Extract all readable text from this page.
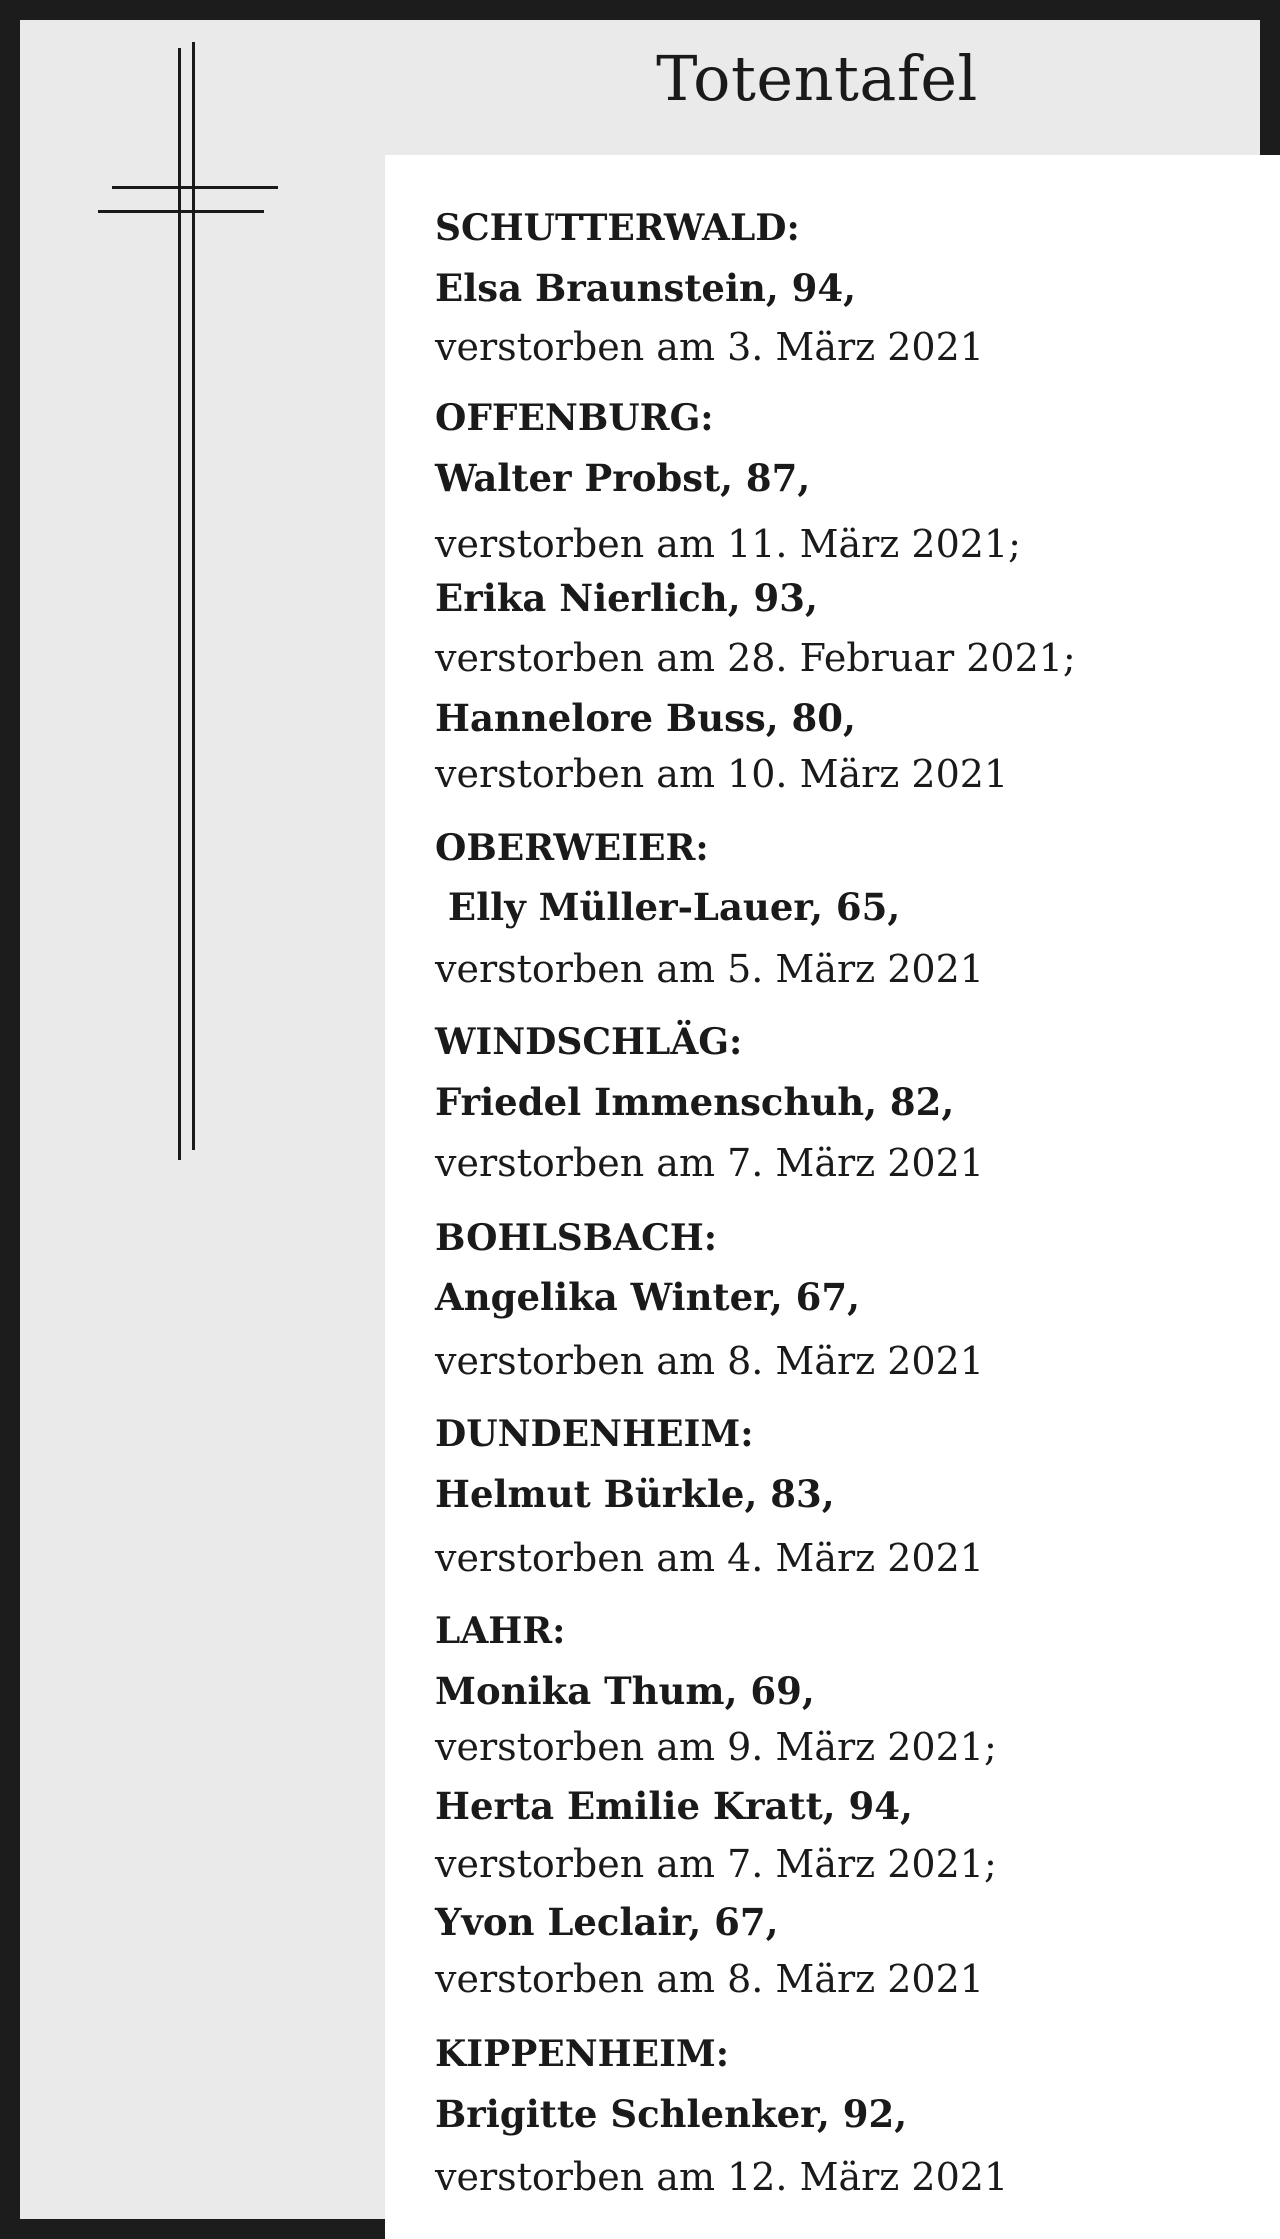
Totentafel
SCHUTTERWALD:
Elsa Braunstein, 94,
verstorben am 3. März 2021
OFFENBURG:
Walter Probst, 87,
verstorben am 11. März 2021;
Erika Nierlich, 93,
verstorben am 28. Februar 2021;
Hannelore Buss, 80,
verstorben am 10. März 2021
OBERWEIER:
Elly Müller-Lauer, 65,
verstorben am 5. März 2021
WINDSCHLÄG:
Friedel Immenschuh, 82,
verstorben am 7. März 2021
BOHLSBACH:
Angelika Winter, 67,
verstorben am 8. März 2021
DUNDENHEIM:
Helmut Bürkle, 83,
verstorben am 4. März 2021
LAHR:
Monika Thum, 69,
verstorben am 9. März 2021;
Herta Emilie Kratt, 94,
verstorben am 7. März 2021;
Yvon Leclair, 67,
verstorben am 8. März 2021
KIPPENHEIM:
Brigitte Schlenker, 92,
verstorben am 12. März 2021
